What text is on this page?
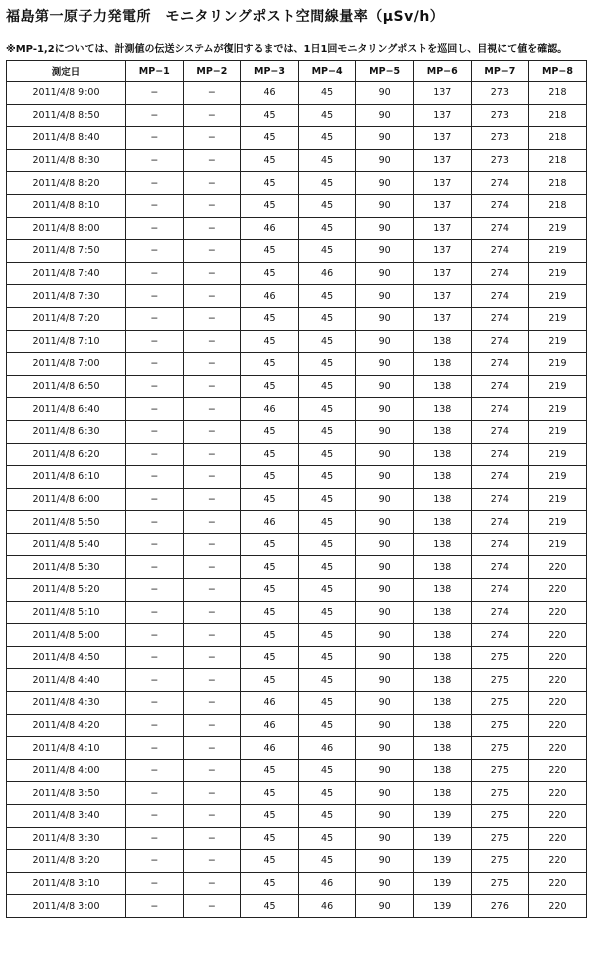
福島第一原子力発電所　モニタリングポスト空間線量率（μSv/h）
※MP-1,2については、計測値の伝送システムが復旧するまでは、1日1回モニタリングポストを巡回し、目視にて値を確認。
測定日	MP−1	MP−2	MP−3	MP−4	MP−5	MP−6	MP−7	MP−8
2011/4/8 9:00	−	−	46	45	90	137	273	218
2011/4/8 8:50	−	−	45	45	90	137	273	218
2011/4/8 8:40	−	−	45	45	90	137	273	218
2011/4/8 8:30	−	−	45	45	90	137	273	218
2011/4/8 8:20	−	−	45	45	90	137	274	218
2011/4/8 8:10	−	−	45	45	90	137	274	218
2011/4/8 8:00	−	−	46	45	90	137	274	219
2011/4/8 7:50	−	−	45	45	90	137	274	219
2011/4/8 7:40	−	−	45	46	90	137	274	219
2011/4/8 7:30	−	−	46	45	90	137	274	219
2011/4/8 7:20	−	−	45	45	90	137	274	219
2011/4/8 7:10	−	−	45	45	90	138	274	219
2011/4/8 7:00	−	−	45	45	90	138	274	219
2011/4/8 6:50	−	−	45	45	90	138	274	219
2011/4/8 6:40	−	−	46	45	90	138	274	219
2011/4/8 6:30	−	−	45	45	90	138	274	219
2011/4/8 6:20	−	−	45	45	90	138	274	219
2011/4/8 6:10	−	−	45	45	90	138	274	219
2011/4/8 6:00	−	−	45	45	90	138	274	219
2011/4/8 5:50	−	−	46	45	90	138	274	219
2011/4/8 5:40	−	−	45	45	90	138	274	219
2011/4/8 5:30	−	−	45	45	90	138	274	220
2011/4/8 5:20	−	−	45	45	90	138	274	220
2011/4/8 5:10	−	−	45	45	90	138	274	220
2011/4/8 5:00	−	−	45	45	90	138	274	220
2011/4/8 4:50	−	−	45	45	90	138	275	220
2011/4/8 4:40	−	−	45	45	90	138	275	220
2011/4/8 4:30	−	−	46	45	90	138	275	220
2011/4/8 4:20	−	−	46	45	90	138	275	220
2011/4/8 4:10	−	−	46	46	90	138	275	220
2011/4/8 4:00	−	−	45	45	90	138	275	220
2011/4/8 3:50	−	−	45	45	90	138	275	220
2011/4/8 3:40	−	−	45	45	90	139	275	220
2011/4/8 3:30	−	−	45	45	90	139	275	220
2011/4/8 3:20	−	−	45	45	90	139	275	220
2011/4/8 3:10	−	−	45	46	90	139	275	220
2011/4/8 3:00	−	−	45	46	90	139	276	220
